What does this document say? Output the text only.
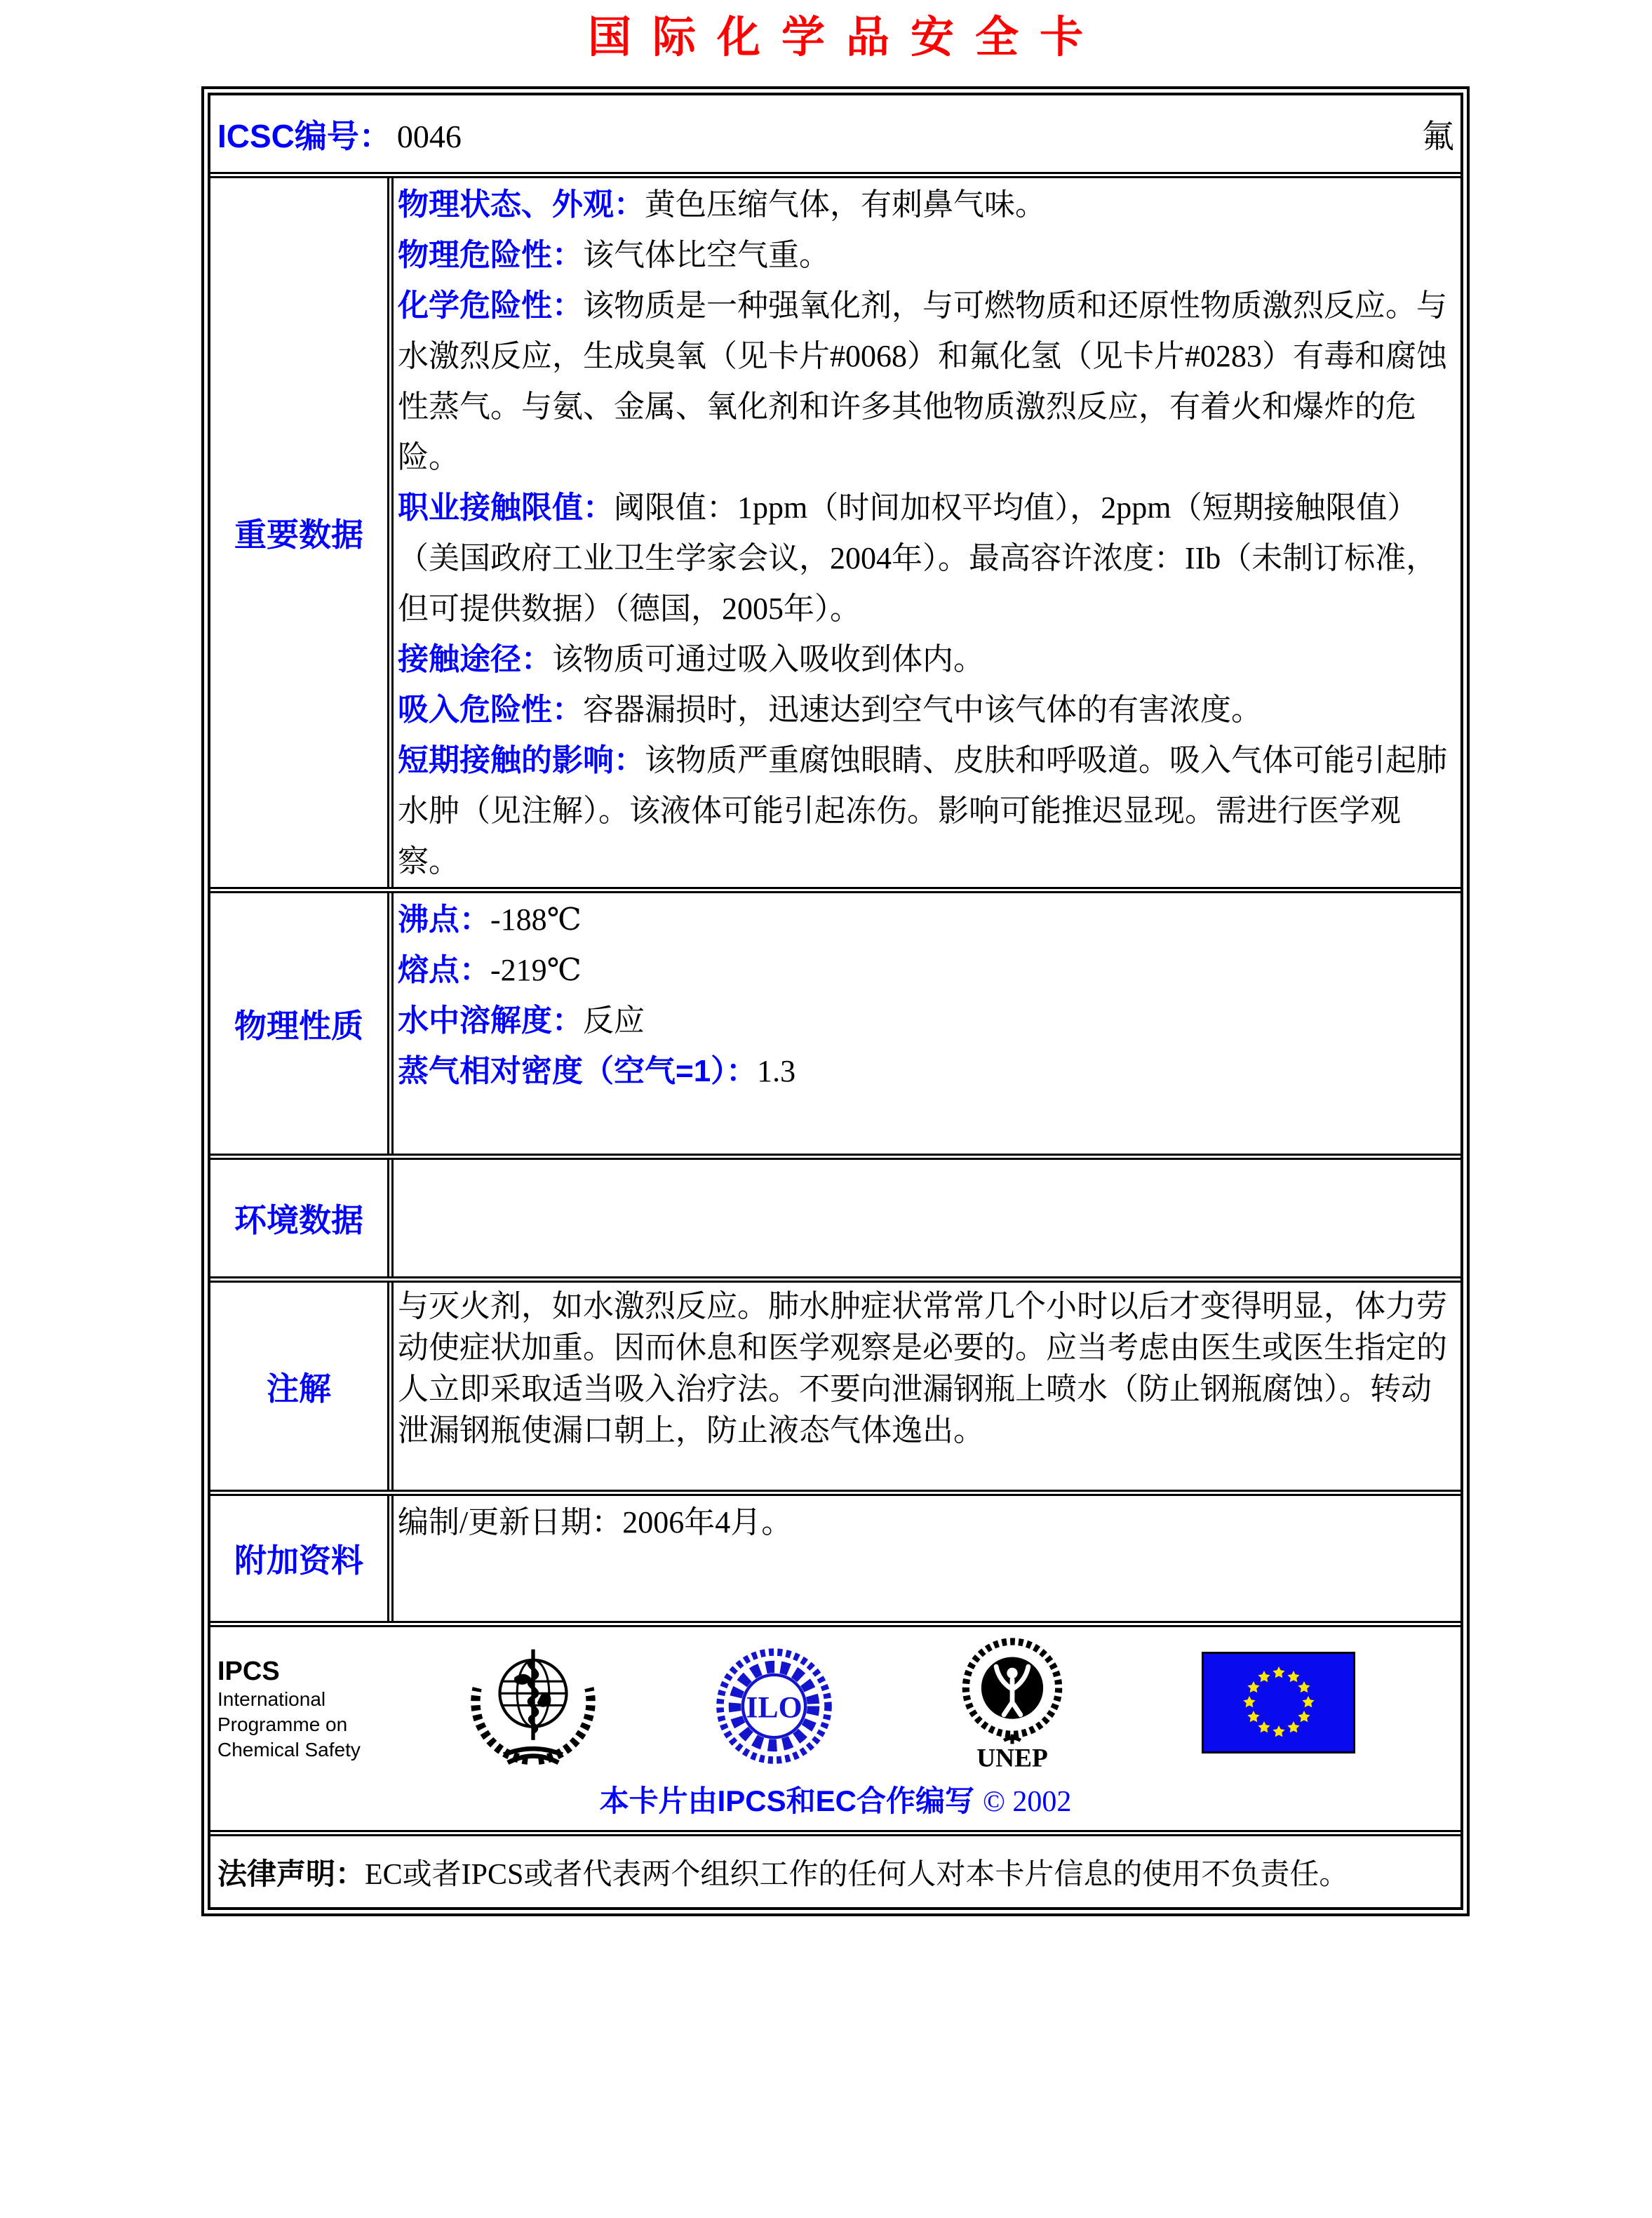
国际化学品安全卡
ICSC编号： 0046	氟
重要数据

物理状态、外观：黄色压缩气体，有刺鼻气味。

物理危险性：该气体比空气重。

化学危险性：该物质是一种强氧化剂，与可燃物质和还原性物质激烈反应。与水激烈反应，生成臭氧（见卡片#0068）和氟化氢（见卡片#0283）有毒和腐蚀性蒸气。与氨、金属、氧化剂和许多其他物质激烈反应，有着火和爆炸的危险。

职业接触限值：阈限值：1ppm（时间加权平均值），2ppm（短期接触限值）（美国政府工业卫生学家会议，2004年）。最高容许浓度：IIb（未制订标准，但可提供数据）（德国，2005年）。

接触途径：该物质可通过吸入吸收到体内。

吸入危险性：容器漏损时，迅速达到空气中该气体的有害浓度。

短期接触的影响：该物质严重腐蚀眼睛、皮肤和呼吸道。吸入气体可能引起肺水肿（见注解）。该液体可能引起冻伤。影响可能推迟显现。需进行医学观察。

物理性质

沸点：-188℃

熔点：-219℃

水中溶解度：反应

蒸气相对密度（空气=1）：1.3

环境数据
注解

与灭火剂，如水激烈反应。肺水肿症状常常几个小时以后才变得明显，体力劳动使症状加重。因而休息和医学观察是必要的。应当考虑由医生或医生指定的人立即采取适当吸入治疗法。不要向泄漏钢瓶上喷水（防止钢瓶腐蚀）。转动泄漏钢瓶使漏口朝上，防止液态气体逸出。

附加资料

编制/更新日期：2006年4月。

IPCS
International Programme on Chemical Safety
ILO
UNEP
本卡片由IPCS和EC合作编写 © 2002
法律声明： EC或者IPCS或者代表两个组织工作的任何人对本卡片信息的使用不负责任。
